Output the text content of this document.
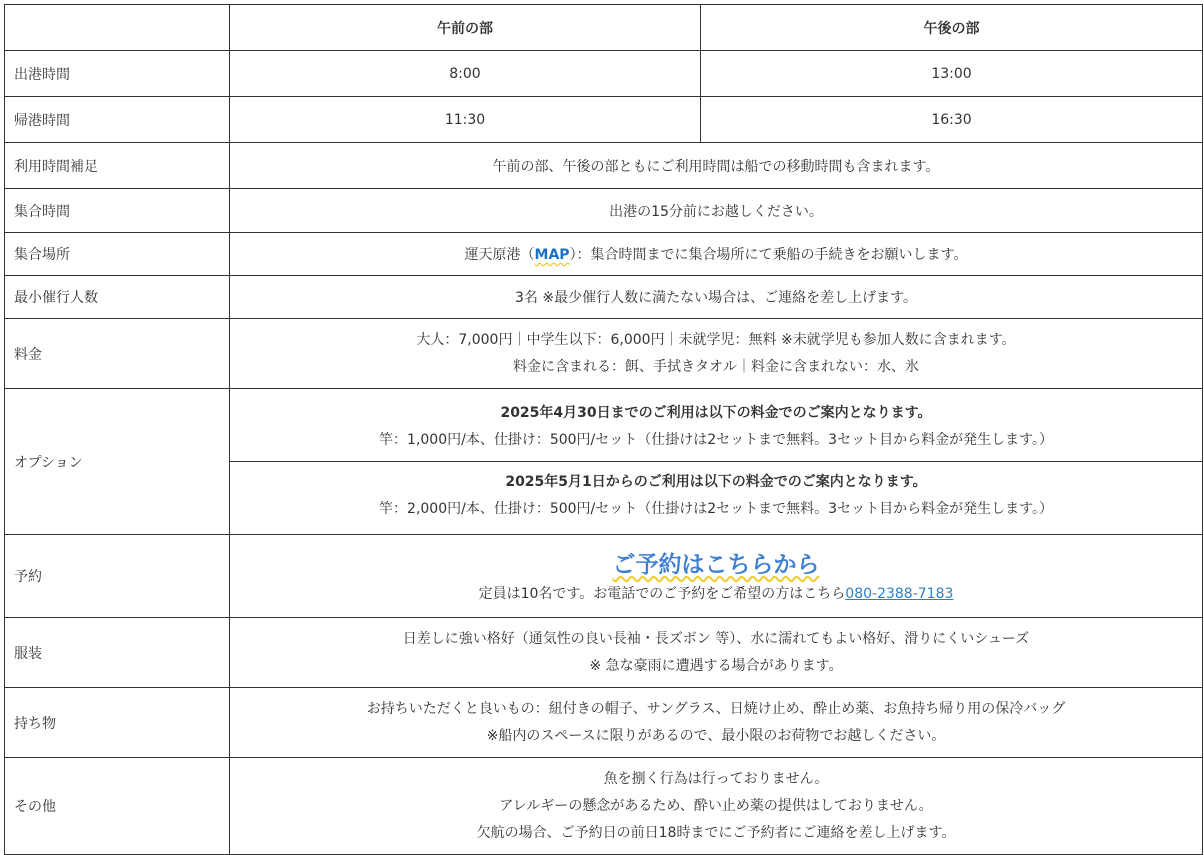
	午前の部	午後の部
出港時間	8:00	13:00
帰港時間	11:30	16:30
利用時間補足	午前の部、午後の部ともにご利用時間は船での移動時間も含まれます。	
集合時間	出港の15分前にお越しください。	
集合場所	運天原港（MAP）：集合時間までに集合場所にて乗船の手続きをお願いします。	
最小催行人数	3名 ※最少催行人数に満たない場合は、ご連絡を差し上げます。	
料金	大人：7,000円｜中学生以下：6,000円｜未就学児：無料 ※未就学児も参加人数に含まれます。
料金に含まれる：餌、手拭きタオル｜料金に含まれない：水、氷	

オプション	2025年4月30日までのご利用は以下の料金でのご案内となります。
竿：1,000円/本、仕掛け：500円/セット（仕掛けは2セットまで無料。3セット目から料金が発生します。）
2025年5月1日からのご利用は以下の料金でのご案内となります。
竿：2,000円/本、仕掛け：500円/セット（仕掛けは2セットまで無料。3セット目から料金が発生します。）	

予約	ご予約はこちらから
定員は10名です。お電話でのご予約をご希望の方はこちら080-2388-7183	

服装	日差しに強い格好（通気性の良い長袖・長ズボン 等）、水に濡れてもよい格好、滑りにくいシューズ
※ 急な豪雨に遭遇する場合があります。	

持ち物	お持ちいただくと良いもの：紐付きの帽子、サングラス、日焼け止め、酔止め薬、お魚持ち帰り用の保冷バッグ
※船内のスペースに限りがあるので、最小限のお荷物でお越しください。	

その他	魚を捌く行為は行っておりません。
アレルギーの懸念があるため、酔い止め薬の提供はしておりません。
欠航の場合、ご予約日の前日18時までにご予約者にご連絡を差し上げます。	
